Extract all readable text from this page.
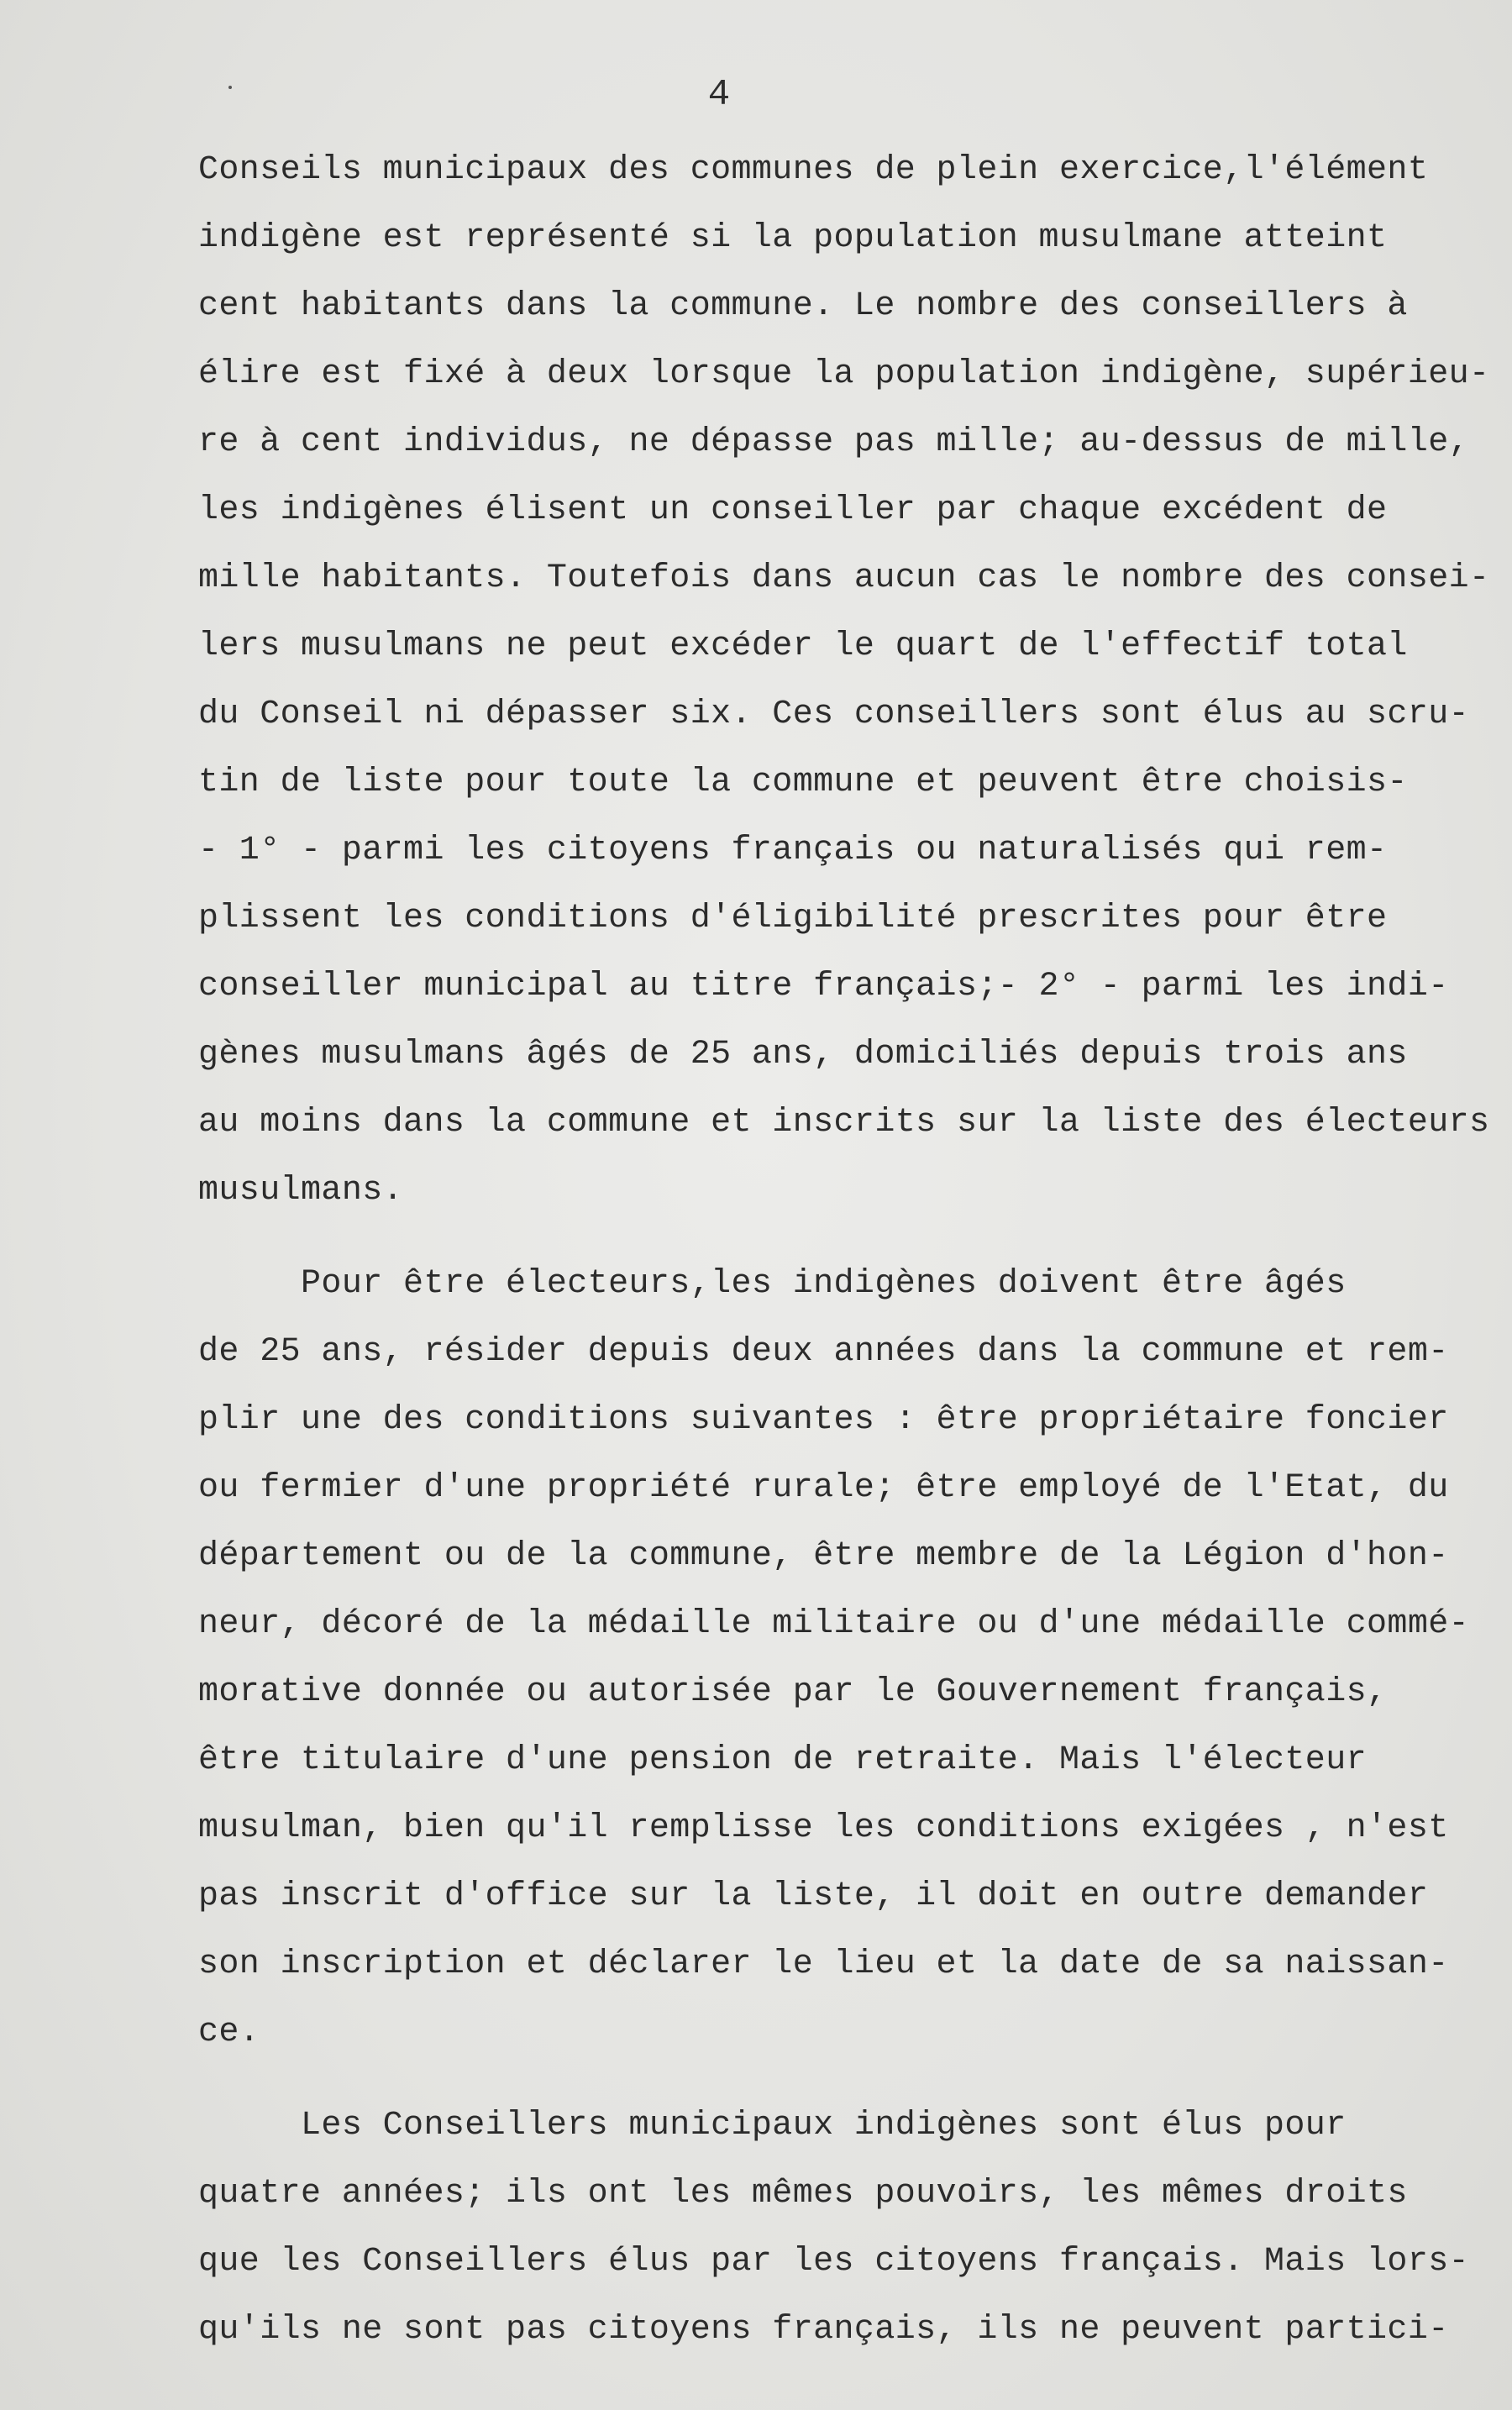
4
Conseils municipaux des communes de plein exercice,l'élément
indigène est représenté si la population musulmane atteint
cent habitants dans la commune. Le nombre des conseillers à
élire est fixé à deux lorsque la population indigène, supérieu-
re à cent individus, ne dépasse pas mille; au-dessus de mille,
les indigènes élisent un conseiller par chaque excédent de
mille habitants. Toutefois dans aucun cas le nombre des consei-
lers musulmans ne peut excéder le quart de l'effectif total
du Conseil ni dépasser six. Ces conseillers sont élus au scru-
tin de liste pour toute la commune et peuvent être choisis-
- 1° - parmi les citoyens français ou naturalisés qui rem-
plissent les conditions d'éligibilité prescrites pour être
conseiller municipal au titre français;- 2° - parmi les indi-
gènes musulmans âgés de 25 ans, domiciliés depuis trois ans
au moins dans la commune et inscrits sur la liste des électeurs
musulmans.
Pour être électeurs,les indigènes doivent être âgés
de 25 ans, résider depuis deux années dans la commune et rem-
plir une des conditions suivantes : être propriétaire foncier
ou fermier d'une propriété rurale; être employé de l'Etat, du
département ou de la commune, être membre de la Légion d'hon-
neur, décoré de la médaille militaire ou d'une médaille commé-
morative donnée ou autorisée par le Gouvernement français,
être titulaire d'une pension de retraite. Mais l'électeur
musulman, bien qu'il remplisse les conditions exigées , n'est
pas inscrit d'office sur la liste, il doit en outre demander
son inscription et déclarer le lieu et la date de sa naissan-
ce.
Les Conseillers municipaux indigènes sont élus pour
quatre années; ils ont les mêmes pouvoirs, les mêmes droits
que les Conseillers élus par les citoyens français. Mais lors-
qu'ils ne sont pas citoyens français, ils ne peuvent partici-
